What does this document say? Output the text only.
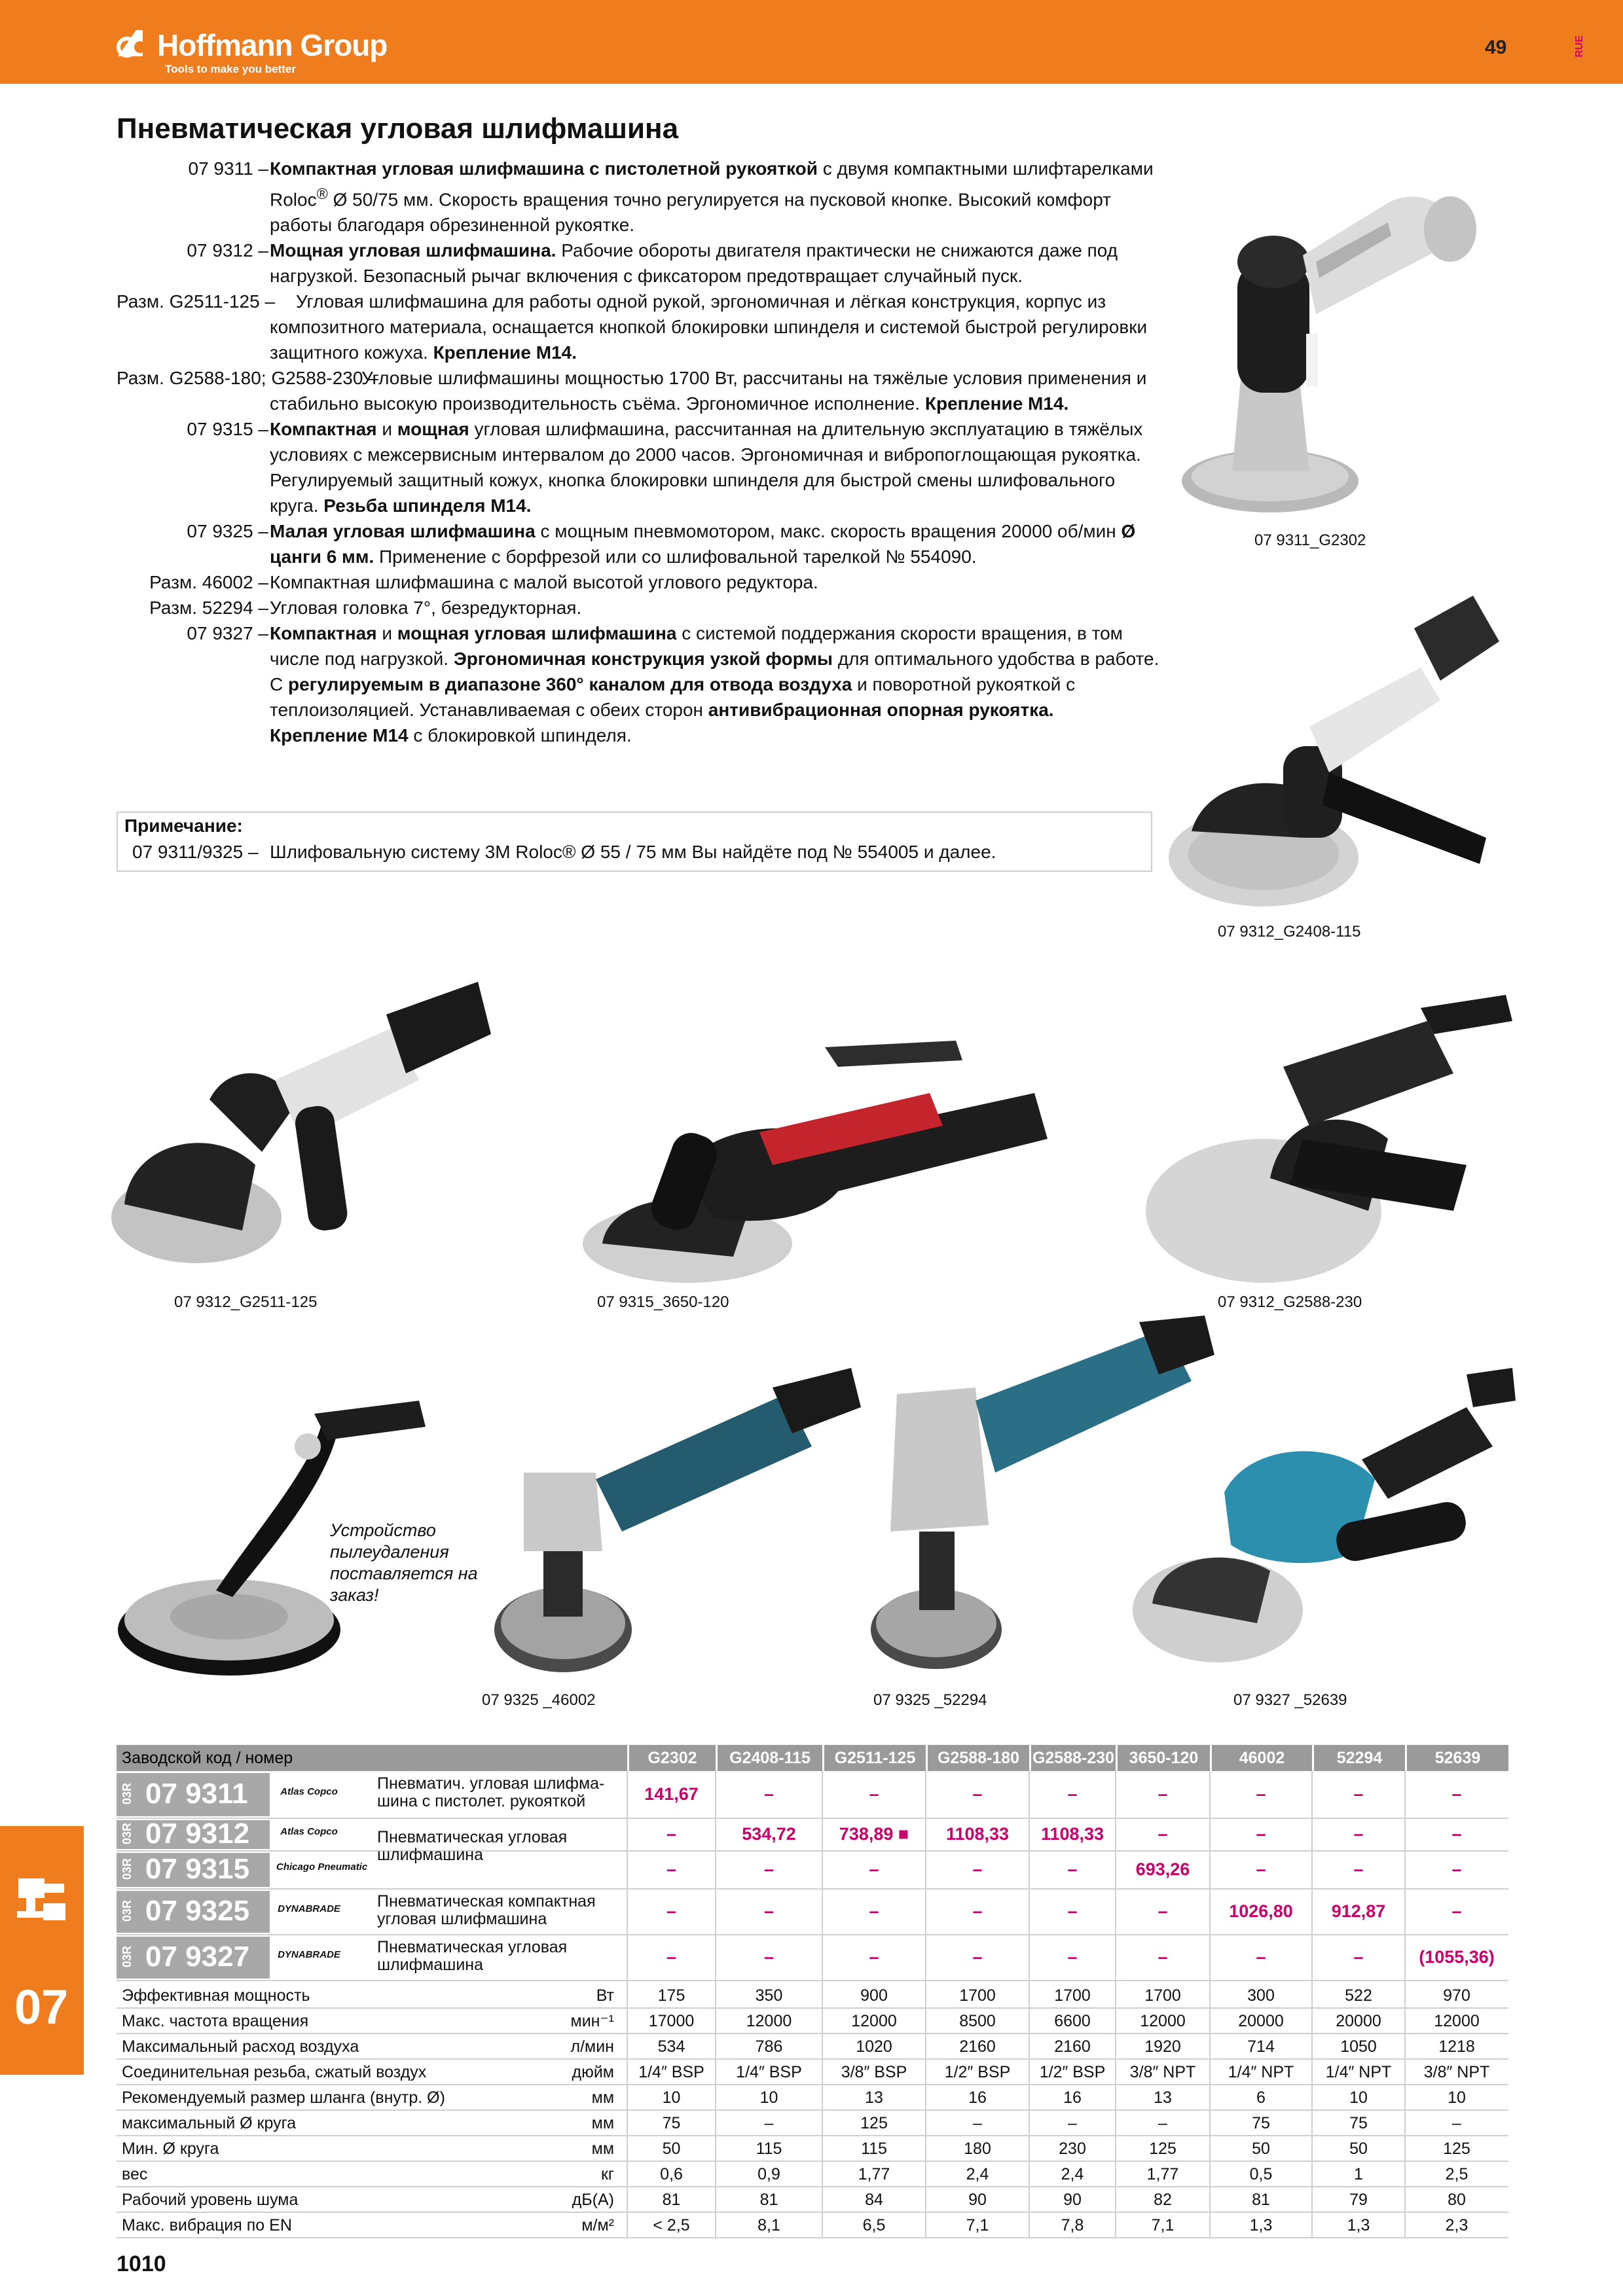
Hoffmann Group
Tools to make you better
49	RUE
Пневматическая угловая шлифмашина
07 9311 – Компактная угловая шлифмашина с пистолетной рукояткой с двумя компактными шлифтарелками Roloc® Ø 50/75 мм. Скорость вращения точно регулируется на пусковой кнопке. Высокий комфорт работы благодаря обрезиненной рукоятке.
07 9312 – Мощная угловая шлифмашина. Рабочие обороты двигателя практически не снижаются даже под нагрузкой. Безопасный рычаг включения с фиксатором предотвращает случайный пуск.
Разм. G2511-125 –	Угловая шлифмашина для работы одной рукой, эргономичная и лёгкая конструкция, корпус из композитного материала, оснащается кнопкой блокировки шпинделя и системой быстрой регулировки защитного кожуха. Крепление M14.
Разм. G2588-180; G2588-230 –
Угловые шлифмашины мощностью 1700 Вт, рассчитаны на тяжёлые условия применения и стабильно высокую производительность съёма. Эргономичное исполнение. Крепление M14.
07 9315 – Компактная и мощная угловая шлифмашина, рассчитанная на длительную эксплуатацию в тяжёлых условиях с межсервисным интервалом до 2000 часов. Эргономичная и вибропоглощающая рукоятка. Регулируемый защитный кожух, кнопка блокировки шпинделя для быстрой смены шлифовального круга. Резьба шпинделя M14.
07 9325 – Малая угловая шлифмашина с мощным пневмомотором, макс. скорость вращения 20000 об/мин Ø цанги 6 мм. Применение с борфрезой или со шлифовальной тарелкой № 554090.
Разм. 46002 – Компактная шлифмашина с малой высотой углового редуктора.
Разм. 52294 – Угловая головка 7°, безредукторная.
07 9327 – Компактная и мощная угловая шлифмашина с системой поддержания скорости вращения, в том числе под нагрузкой. Эргономичная конструкция узкой формы для оптимального удобства в работе. С регулируемым в диапазоне 360° каналом для отвода воздуха и поворотной рукояткой с теплоизоляцией. Устанавливаемая с обеих сторон антивибрационная опорная рукоятка.
Крепление M14 с блокировкой шпинделя.
Примечание:
07 9311/9325 – Шлифовальную систему 3M Roloc® Ø 55 / 75 мм Вы найдёте под № 554005 и далее.
07 9311_G2302
07 9312_G2408-115
07 9312_G2511-125	07 9315_3650-120	07 9312_G2588-230
Устройство пылеудаления поставляется на заказ!
07 9325 _46002	07 9325 _52294	07 9327 _52639
Заводской код / номер	G2302	G2408-115	G2511-125	G2588-180 G2588-230 3650-120	46002	52294	52639
03R 07 9311	Atlas Copco Пневматич. угловая шлифма-шина с пистолет. рукояткой	141,67	–	–	–	–	–	–	–	–
03R 07 9312	Atlas Copco	–	534,72	738,89 ■	1108,33	1108,33	–	–	–	–
03R 07 9315	Chicago Pneumatic	–	–	–	–	–	693,26	–	–	–
03R 07 9325	DYNABRADE Пневматическая компактная угловая шлифмашина	–	–	–	–	–	–	1026,80	912,87	–
03R 07 9327	DYNABRADE Пневматическая угловая шлифмашина	–	–	–	–	–	–	–	–	(1055,36)
Пневматическая угловая шлифмашина
Эффективная мощность	Вт	175	350	900	1700	1700	1700	300	522	970
Макс. частота вращения	мин⁻¹	17000	12000	12000	8500	6600	12000	20000	20000	12000
Максимальный расход воздуха	л/мин	534	786	1020	2160	2160	1920	714	1050	1218
Соединительная резьба, сжатый воздух	дюйм	1/4″ BSP	1/4″ BSP	3/8″ BSP	1/2″ BSP	1/2″ BSP	3/8″ NPT	1/4″ NPT	1/4″ NPT	3/8″ NPT
Рекомендуемый размер шланга (внутр. Ø)	мм	10	10	13	16	16	13	6	10	10
максимальный Ø круга	мм	75	–	125	–	–	–	75	75	–
Мин. Ø круга	мм	50	115	115	180	230	125	50	50	125
вес	кг	0,6	0,9	1,77	2,4	2,4	1,77	0,5	1	2,5
Рабочий уровень шума	дБ(А)	81	81	84	90	90	82	81	79	80
Макс. вибрация по EN	м/м²	< 2,5	8,1	6,5	7,1	7,8	7,1	1,3	1,3	2,3
07
1010
